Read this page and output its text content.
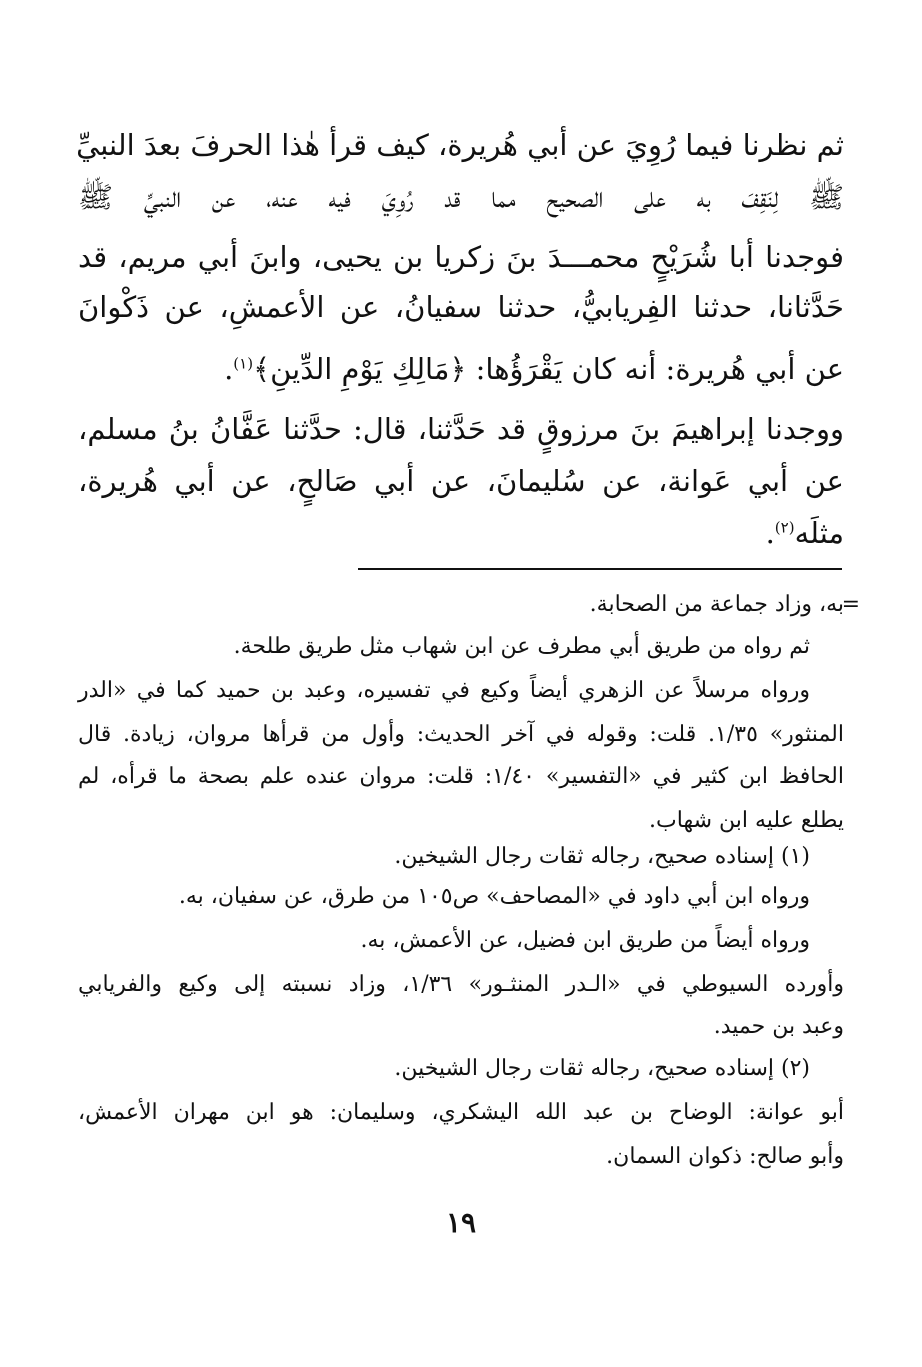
ثم نظرنا فيما رُوِيَ عن أبي هُريرة، كيف قرأ هٰذا الحرفَ بعدَ النبيِّ
ﷺ لِنَقِفَ به على الصحيح مما قد رُوِيَ فيه عنه، عن النبيِّ ﷺ
فوجدنا أبا شُرَيْحٍ محمـــدَ بنَ زكريا بن يحيى، وابنَ أبي مريم، قد
حَدَّثانا، حدثنا الفِريابيُّ، حدثنا سفيانُ، عن الأعمشِ، عن ذَكْوانَ
عن أبي هُريرة: أنه كان يَقْرَؤُها: ﴿مَالِكِ يَوْمِ الدِّينِ﴾$^{(١)}$.
ووجدنا إبراهيمَ بنَ مرزوقٍ قد حَدَّثنا، قال: حدَّثنا عَفَّانُ بنُ مسلم،
عن أبي عَوانة، عن سُليمانَ، عن أبي صَالحٍ، عن أبي هُريرة،
مثلَه$^{(٢)}$.
=
به، وزاد جماعة من الصحابة.
ثم رواه من طريق أبي مطرف عن ابن شهاب مثل طريق طلحة.
ورواه مرسلاً عن الزهري أيضاً وكيع في تفسيره، وعبد بن حميد كما في «الدر
المنثور» ١/٣٥. قلت: وقوله في آخر الحديث: وأول من قرأها مروان، زيادة. قال
الحافظ ابن كثير في «التفسير» ١/٤٠: قلت: مروان عنده علم بصحة ما قرأه، لم
يطلع عليه ابن شهاب.
(١) إسناده صحيح، رجاله ثقات رجال الشيخين.
ورواه ابن أبي داود في «المصاحف» ص١٠٥ من طرق، عن سفيان، به.
ورواه أيضاً من طريق ابن فضيل، عن الأعمش، به.
وأورده السيوطي في «الـدر المنثـور» ١/٣٦، وزاد نسبته إلى وكيع والفريابي
وعبد بن حميد.
(٢) إسناده صحيح، رجاله ثقات رجال الشيخين.
أبو عوانة: الوضاح بن عبد الله اليشكري، وسليمان: هو ابن مهران الأعمش،
وأبو صالح: ذكوان السمان.
١٩
